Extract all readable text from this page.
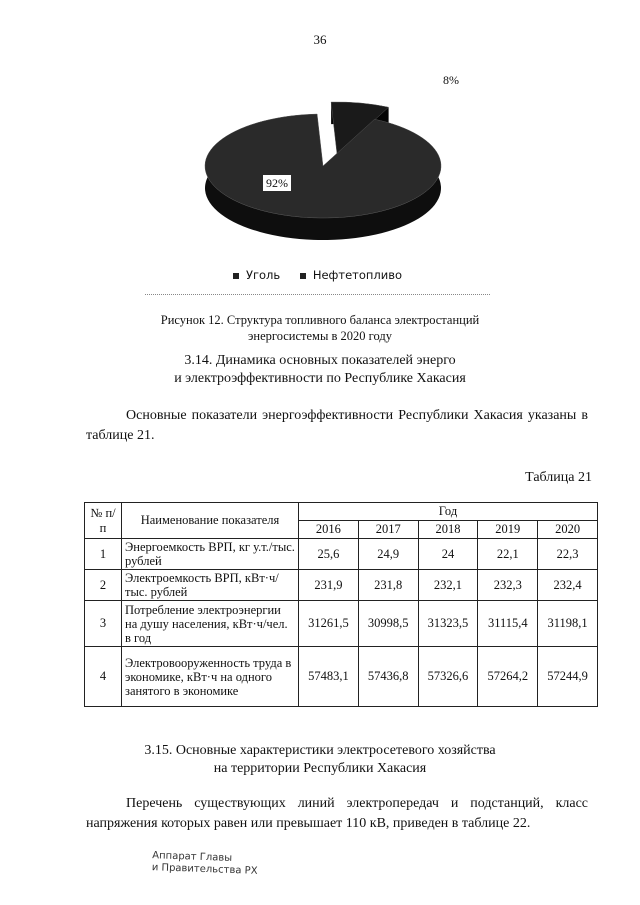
36
8%
92%
Уголь	Нефтетопливо
Рисунок 12. Структура топливного баланса электростанций
энергосистемы в 2020 году
3.14. Динамика основных показателей энерго
и электроэффективности по Республике Хакасия
Основные показатели энергоэффективности Республики Хакасия указаны в таблице 21.
Таблица 21
№ п/п	Наименование показателя	Год				
		2016	2017	2018	2019	2020
1	Энергоемкость ВРП, кг у.т./тыс. рублей	25,6	24,9	24	22,1	22,3
2	Электроемкость ВРП, кВт·ч/тыс. рублей	231,9	231,8	232,1	232,3	232,4
3	Потребление электроэнергии на душу населения, кВт·ч/чел. в год	31261,5	30998,5	31323,5	31115,4	31198,1
4	Электровооруженность труда в экономике, кВт·ч на одного занятого в экономике	57483,1	57436,8	57326,6	57264,2	57244,9
3.15. Основные характеристики электросетевого хозяйства
на территории Республики Хакасия
Перечень существующих линий электропередач и подстанций, класс напряжения которых равен или превышает 110 кВ, приведен в таблице 22.
Аппарат Главы
и Правительства РХ
